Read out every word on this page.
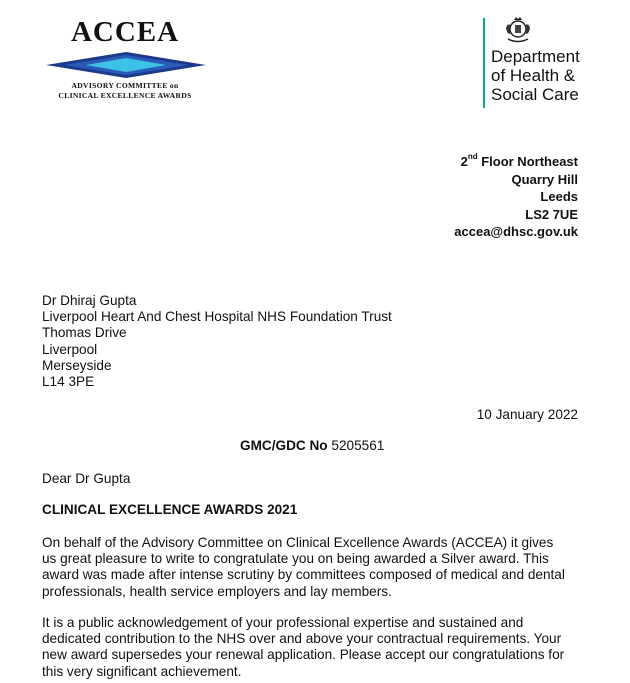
ACCEA
ADVISORY COMMITTEE on
CLINICAL EXCELLENCE AWARDS
Department
of Health &
Social Care
2nd Floor Northeast
Quarry Hill
Leeds
LS2 7UE
accea@dhsc.gov.uk
Dr Dhiraj Gupta
Liverpool Heart And Chest Hospital NHS Foundation Trust
Thomas Drive
Liverpool
Merseyside
L14 3PE
10 January 2022
GMC/GDC No 5205561
Dear Dr Gupta
CLINICAL EXCELLENCE AWARDS 2021
On behalf of the Advisory Committee on Clinical Excellence Awards (ACCEA) it gives
us great pleasure to write to congratulate you on being awarded a Silver award. This
award was made after intense scrutiny by committees composed of medical and dental
professionals, health service employers and lay members.
It is a public acknowledgement of your professional expertise and sustained and
dedicated contribution to the NHS over and above your contractual requirements. Your
new award supersedes your renewal application. Please accept our congratulations for
this very significant achievement.
